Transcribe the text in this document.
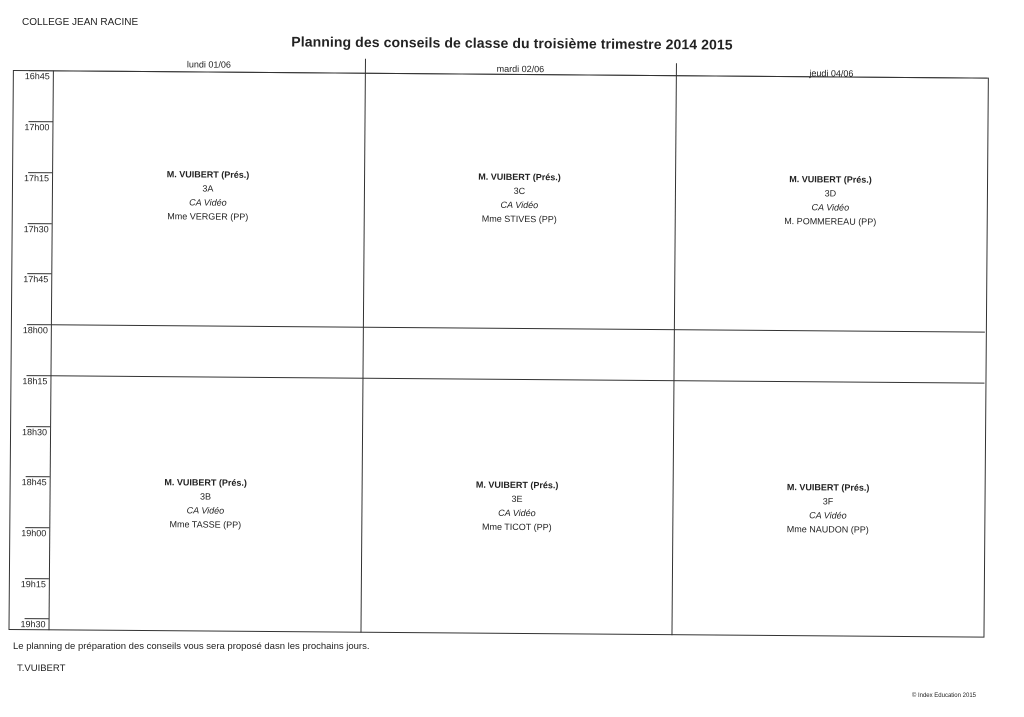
COLLEGE JEAN RACINE
Planning des conseils de classe du troisième trimestre 2014 2015
lundi 01/06	mardi 02/06	jeudi 04/06
16h45
17h00
17h15
17h30
17h45
18h00
18h15
18h30
18h45
19h00
19h15
19h30
M. VUIBERT (Prés.)
3A
CA Vidéo
Mme VERGER (PP)
M. VUIBERT (Prés.)
3C
CA Vidéo
Mme STIVES (PP)
M. VUIBERT (Prés.)
3D
CA Vidéo
M. POMMEREAU (PP)
M. VUIBERT (Prés.)
3B
CA Vidéo
Mme TASSE (PP)
M. VUIBERT (Prés.)
3E
CA Vidéo
Mme TICOT (PP)
M. VUIBERT (Prés.)
3F
CA Vidéo
Mme NAUDON (PP)
Le planning de préparation des conseils vous sera proposé dasn les prochains jours.
T.VUIBERT
© Index Education 2015
